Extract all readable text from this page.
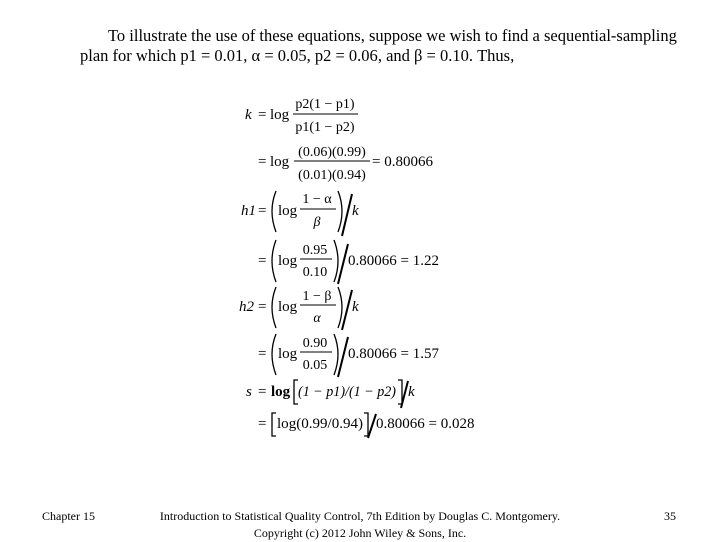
To illustrate the use of these equations, suppose we wish to find a sequential-sampling
plan for which p1 = 0.01, α = 0.05, p2 = 0.06, and β = 0.10. Thus,
k = log
p2(1 − p1)
p1(1 − p2)
= log
(0.06)(0.99)
(0.01)(0.94)
= 0.80066
h1 = log
1 − α
β
k
= log
0.95
0.10
0.80066 = 1.22
h2 = log
1 − β
α
k
= log
0.90
0.05
0.80066 = 1.57
s = log (1 − p1)/(1 − p2) k
= log(0.99/0.94) 0.80066 = 0.028
Chapter 15	Introduction to Statistical Quality Control, 7th Edition by Douglas C. Montgomery.
Copyright (c) 2012 John Wiley & Sons, Inc.
35
